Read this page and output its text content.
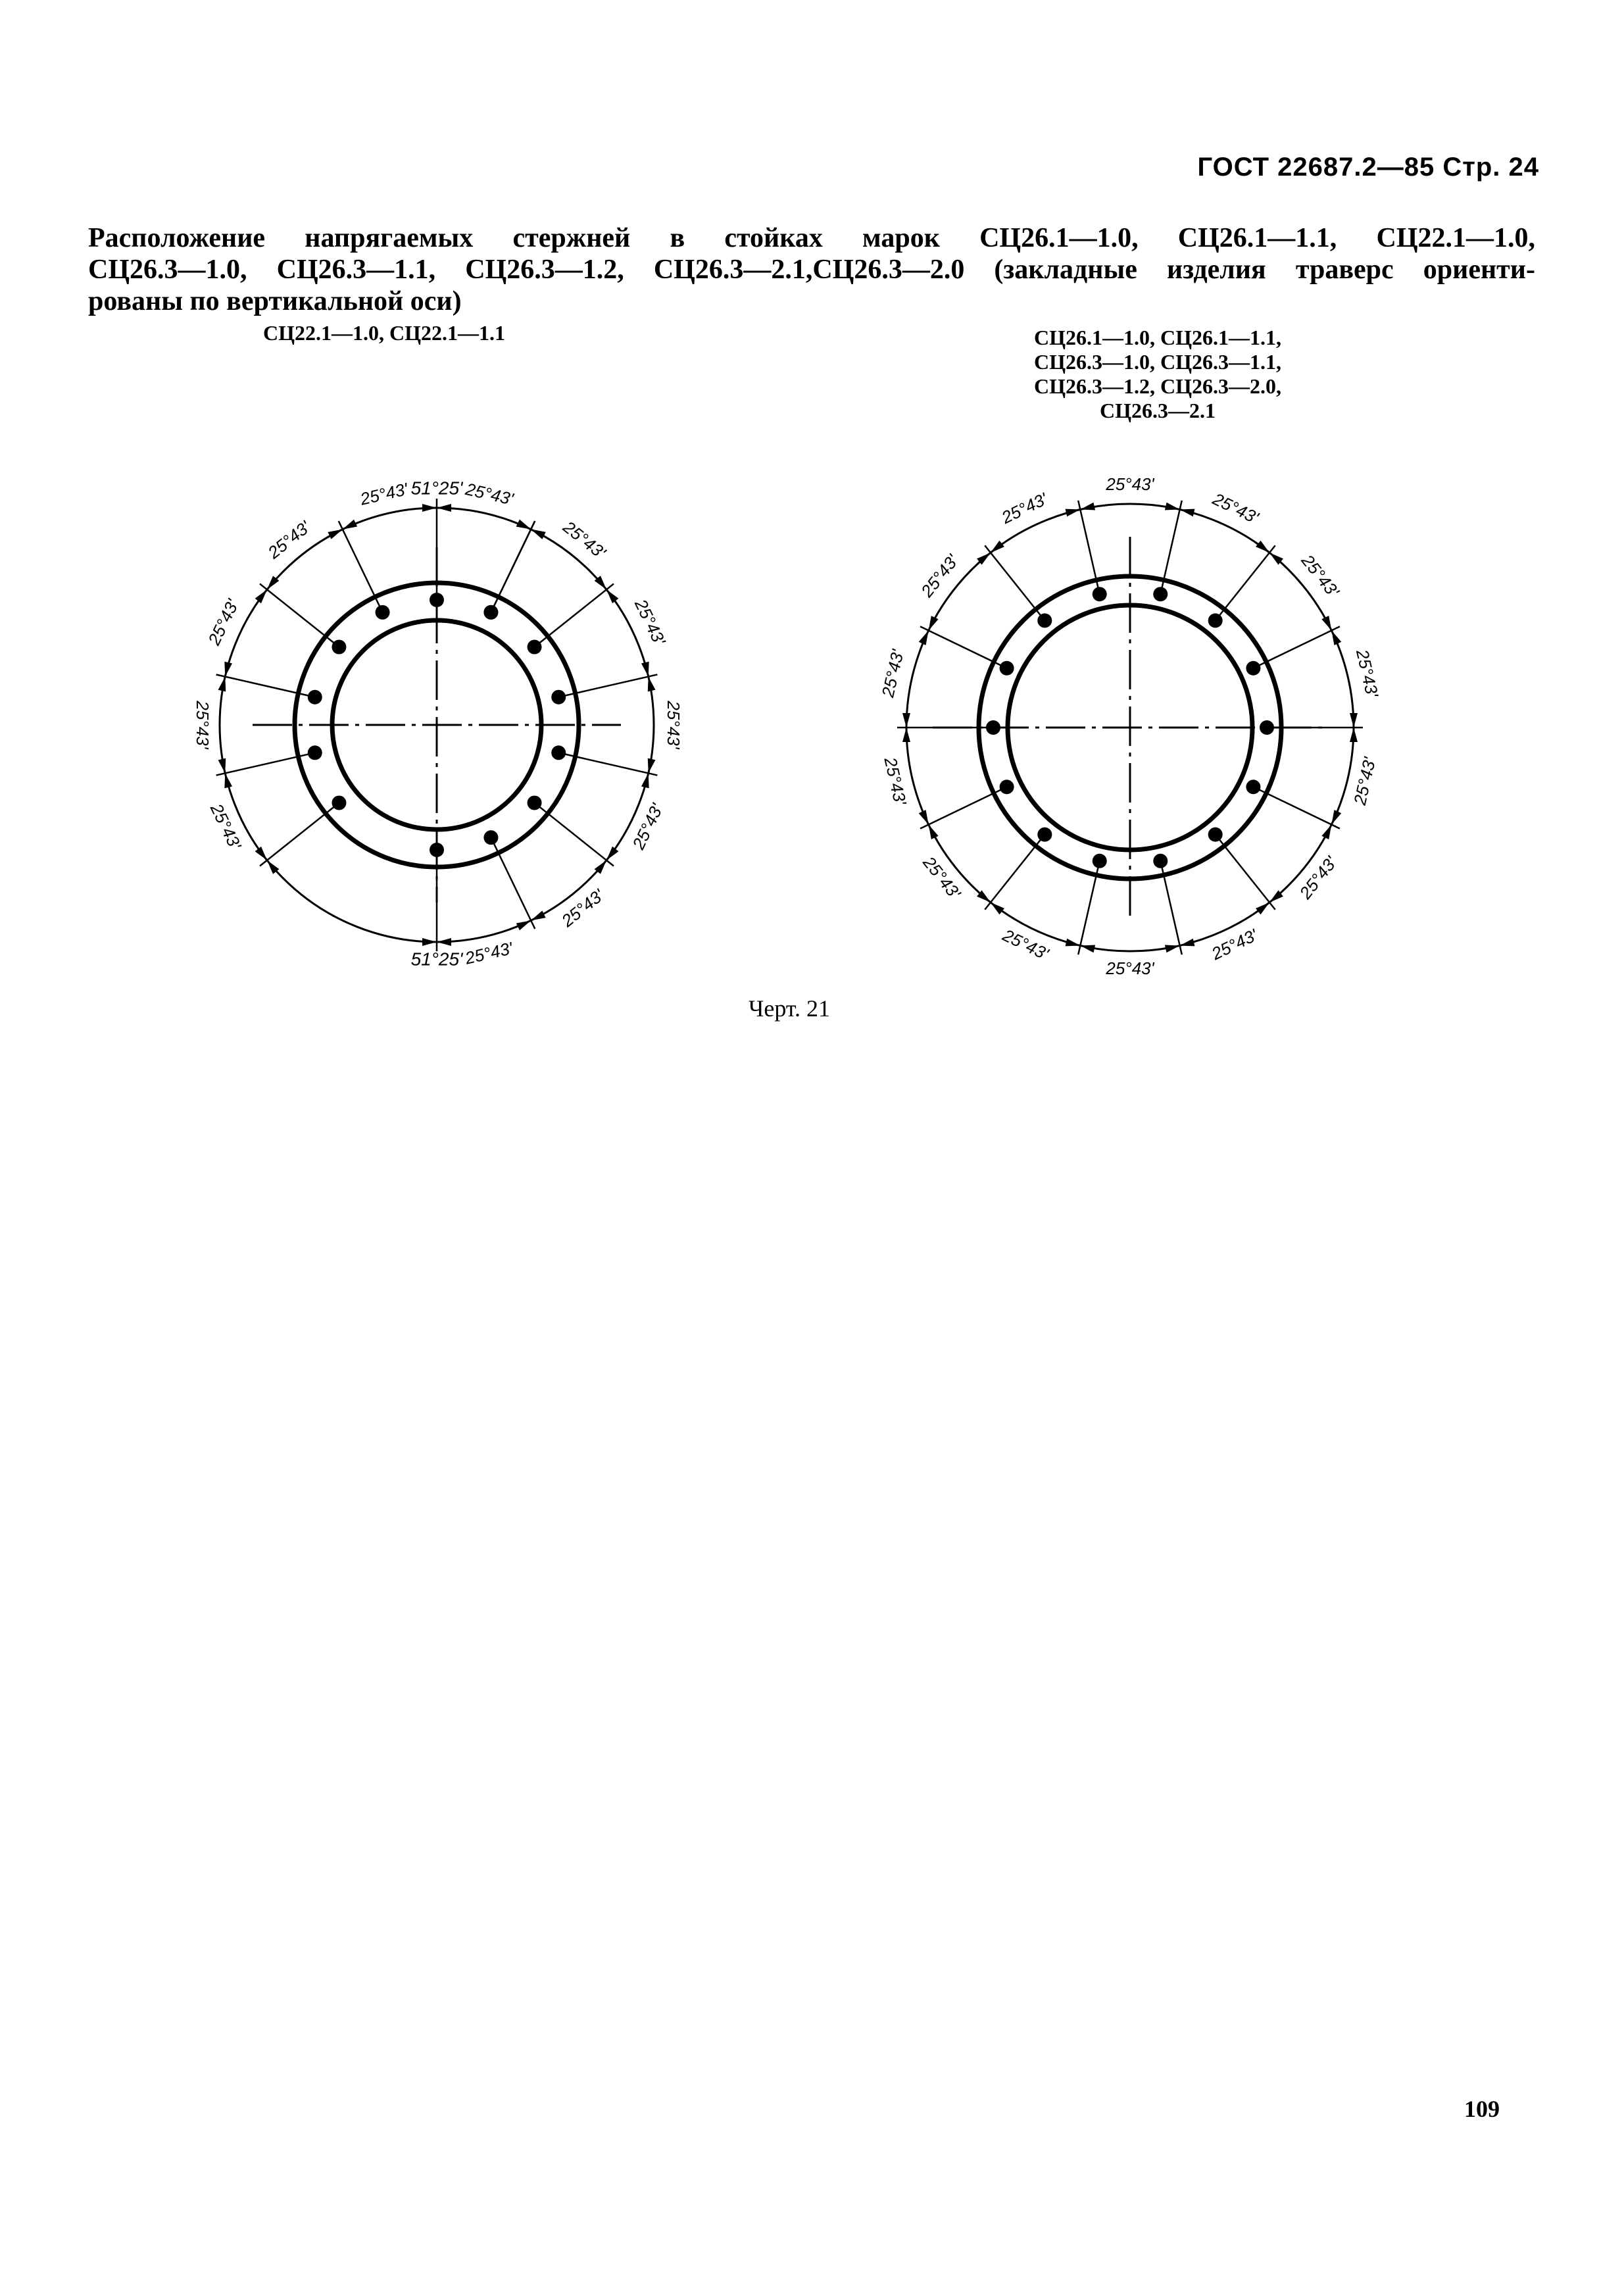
ГОСТ 22687.2—85 Стр. 24
Расположение напрягаемых стержней в стойках марок СЦ26.1—1.0, СЦ26.1—1.1, СЦ22.1—1.0,
СЦ26.3—1.0, СЦ26.3—1.1, СЦ26.3—1.2, СЦ26.3—2.1,СЦ26.3—2.0 (закладные изделия траверс ориенти-
рованы по вертикальной оси)
СЦ22.1—1.0, СЦ22.1—1.1	СЦ26.1—1.0, СЦ26.1—1.1,
СЦ26.3—1.0, СЦ26.3—1.1,
СЦ26.3—1.2, СЦ26.3—2.0,
СЦ26.3—2.1
25°43'
25°43'
25°43'
25°43'
25°43'
25°43'
25°43'
25°43'
25°43'
25°43'
25°43'	25°43'
51°25'
51°25'
25°43'
25°43'
25°43'
25°43'
25°43'
25°43'
25°43'
25°43'
25°43'
25°43'
25°43'
25°43'
25°43'
25°43'
Черт. 21
109
